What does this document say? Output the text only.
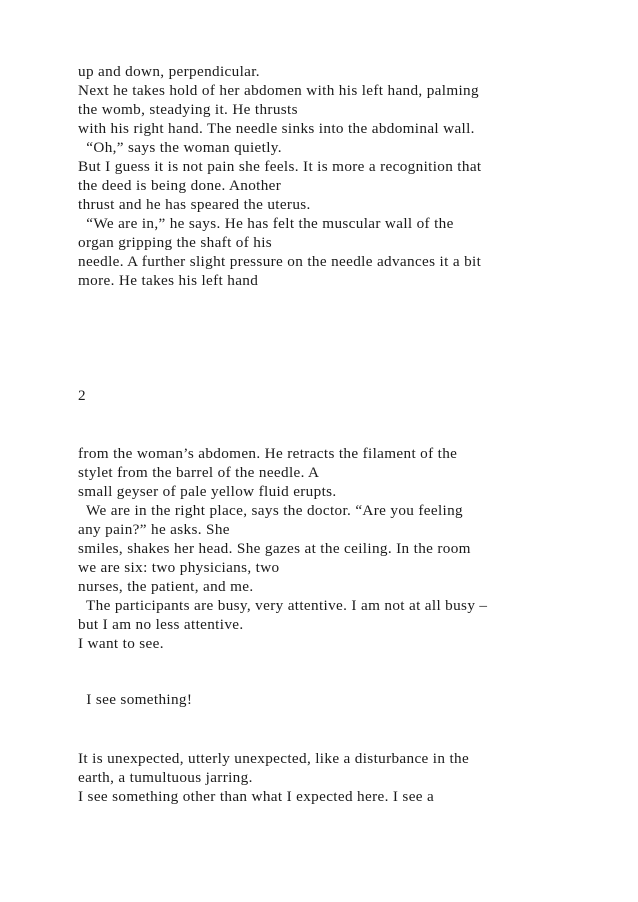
up and down, perpendicular.

Next he takes hold of her abdomen with his left hand, palming

the womb, steadying it. He thrusts

with his right hand. The needle sinks into the abdominal wall.

“Oh,” says the woman quietly.

But I guess it is not pain she feels. It is more a recognition that

the deed is being done. Another

thrust and he has speared the uterus.

“We are in,” he says. He has felt the muscular wall of the

organ gripping the shaft of his

needle. A further slight pressure on the needle advances it a bit

more. He takes his left hand

2

from the woman’s abdomen. He retracts the filament of the

stylet from the barrel of the needle. A

small geyser of pale yellow fluid erupts.

We are in the right place, says the doctor. “Are you feeling

any pain?” he asks. She

smiles, shakes her head. She gazes at the ceiling. In the room

we are six: two physicians, two

nurses, the patient, and me.

The participants are busy, very attentive. I am not at all busy –

but I am no less attentive.

I want to see.

I see something!

It is unexpected, utterly unexpected, like a disturbance in the

earth, a tumultuous jarring.

I see something other than what I expected here. I see a
